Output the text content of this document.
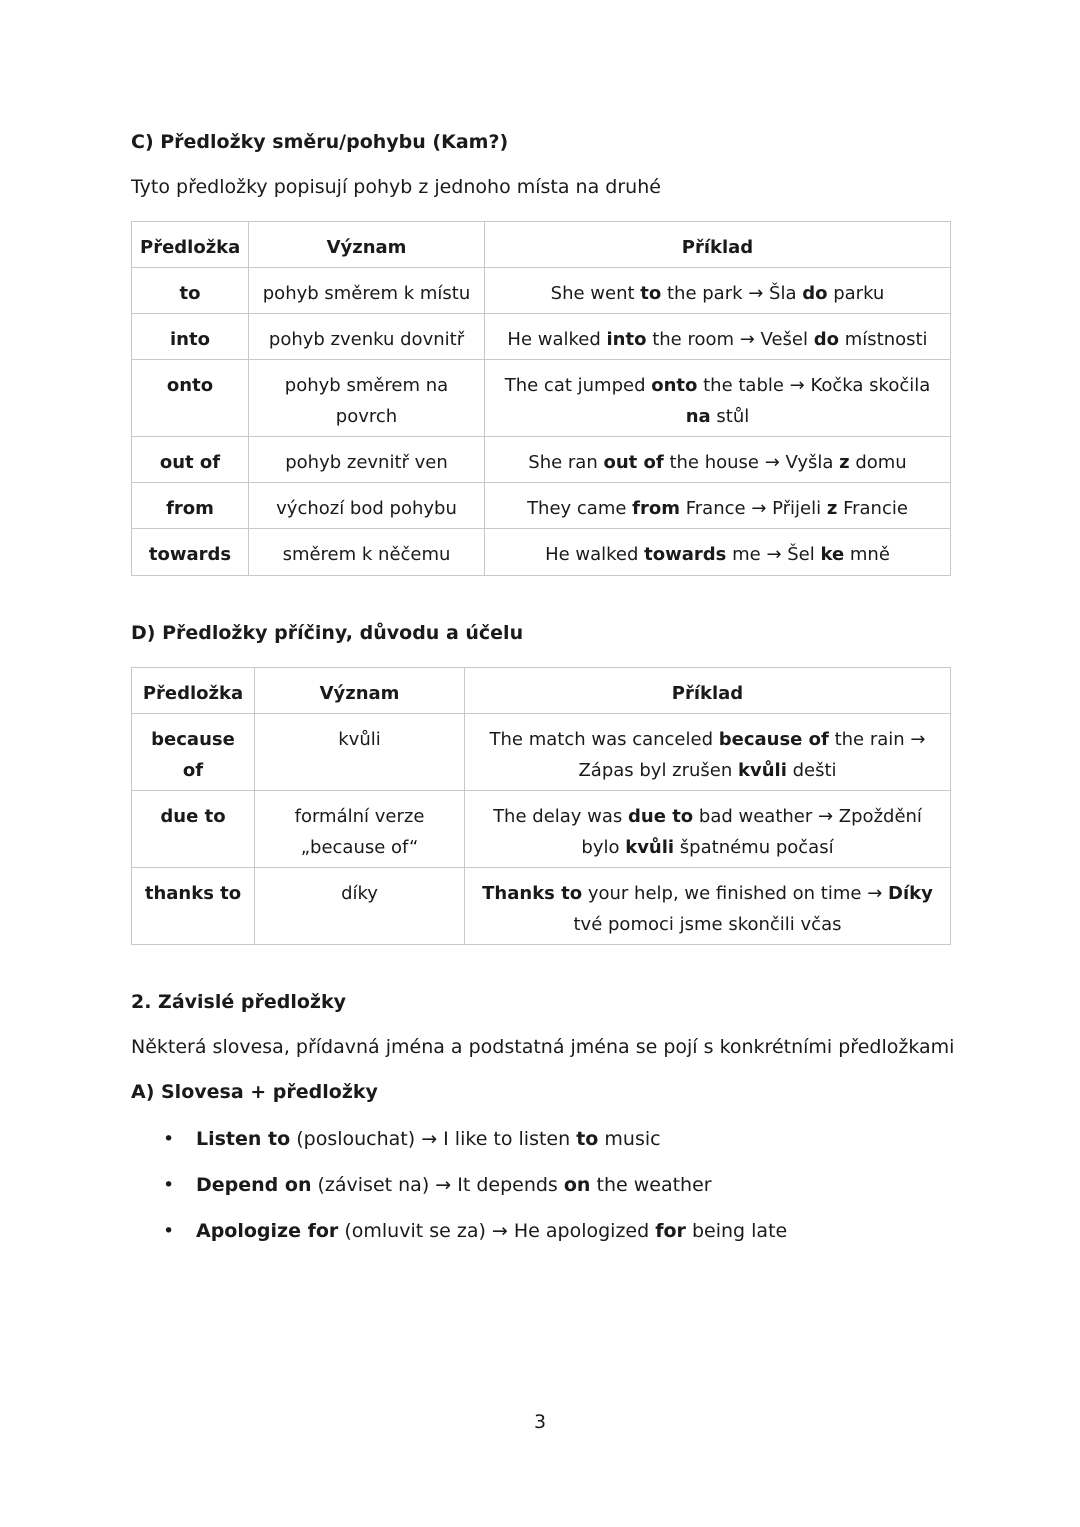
C) Předložky směru/pohybu (Kam?)
Tyto předložky popisují pohyb z jednoho místa na druhé
Předložka	Význam	Příklad
to	pohyb směrem k místu	She went to the park → Šla do parku
into	pohyb zvenku dovnitř	He walked into the room → Vešel do místnosti
onto	pohyb směrem na povrch	The cat jumped onto the table → Kočka skočila na stůl
out of	pohyb zevnitř ven	She ran out of the house → Vyšla z domu
from	výchozí bod pohybu	They came from France → Přijeli z Francie
towards	směrem k něčemu	He walked towards me → Šel ke mně
D) Předložky příčiny, důvodu a účelu
Předložka	Význam	Příklad
because of	kvůli	The match was canceled because of the rain → Zápas byl zrušen kvůli dešti
due to	formální verze „because of“	The delay was due to bad weather → Zpoždění bylo kvůli špatnému počasí
thanks to	díky	Thanks to your help, we finished on time → Díky tvé pomoci jsme skončili včas
2. Závislé předložky
Některá slovesa, přídavná jména a podstatná jména se pojí s konkrétními předložkami
A) Slovesa + předložky
• Listen to (poslouchat) → I like to listen to music
• Depend on (záviset na) → It depends on the weather
• Apologize for (omluvit se za) → He apologized for being late
3
